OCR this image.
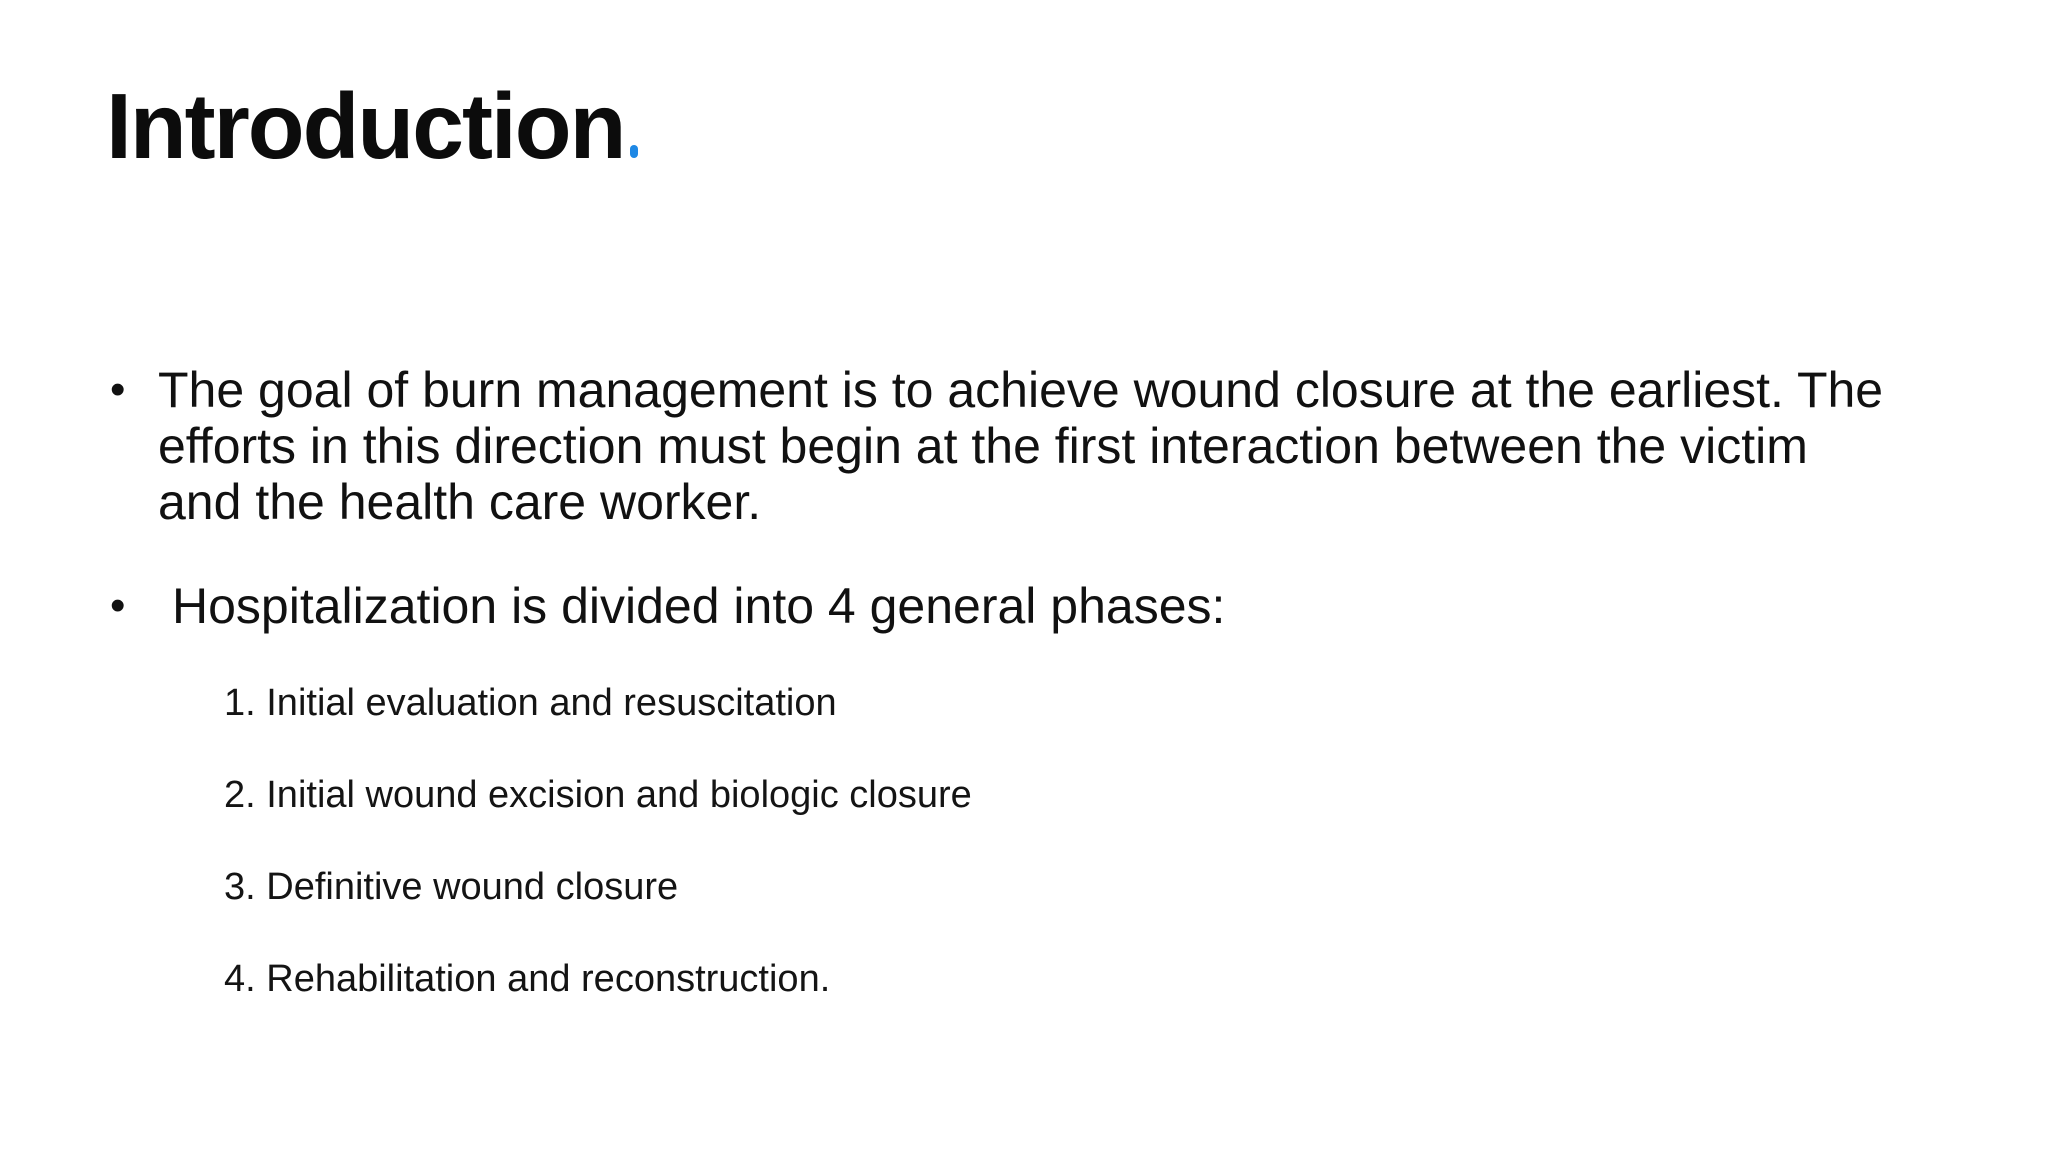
Introduction
• The goal of burn management is to achieve wound closure at the earliest. The
efforts in this direction must begin at the first interaction between the victim
and the health care worker.
• Hospitalization is divided into 4 general phases:
1. Initial evaluation and resuscitation
2. Initial wound excision and biologic closure
3. Definitive wound closure
4. Rehabilitation and reconstruction.
